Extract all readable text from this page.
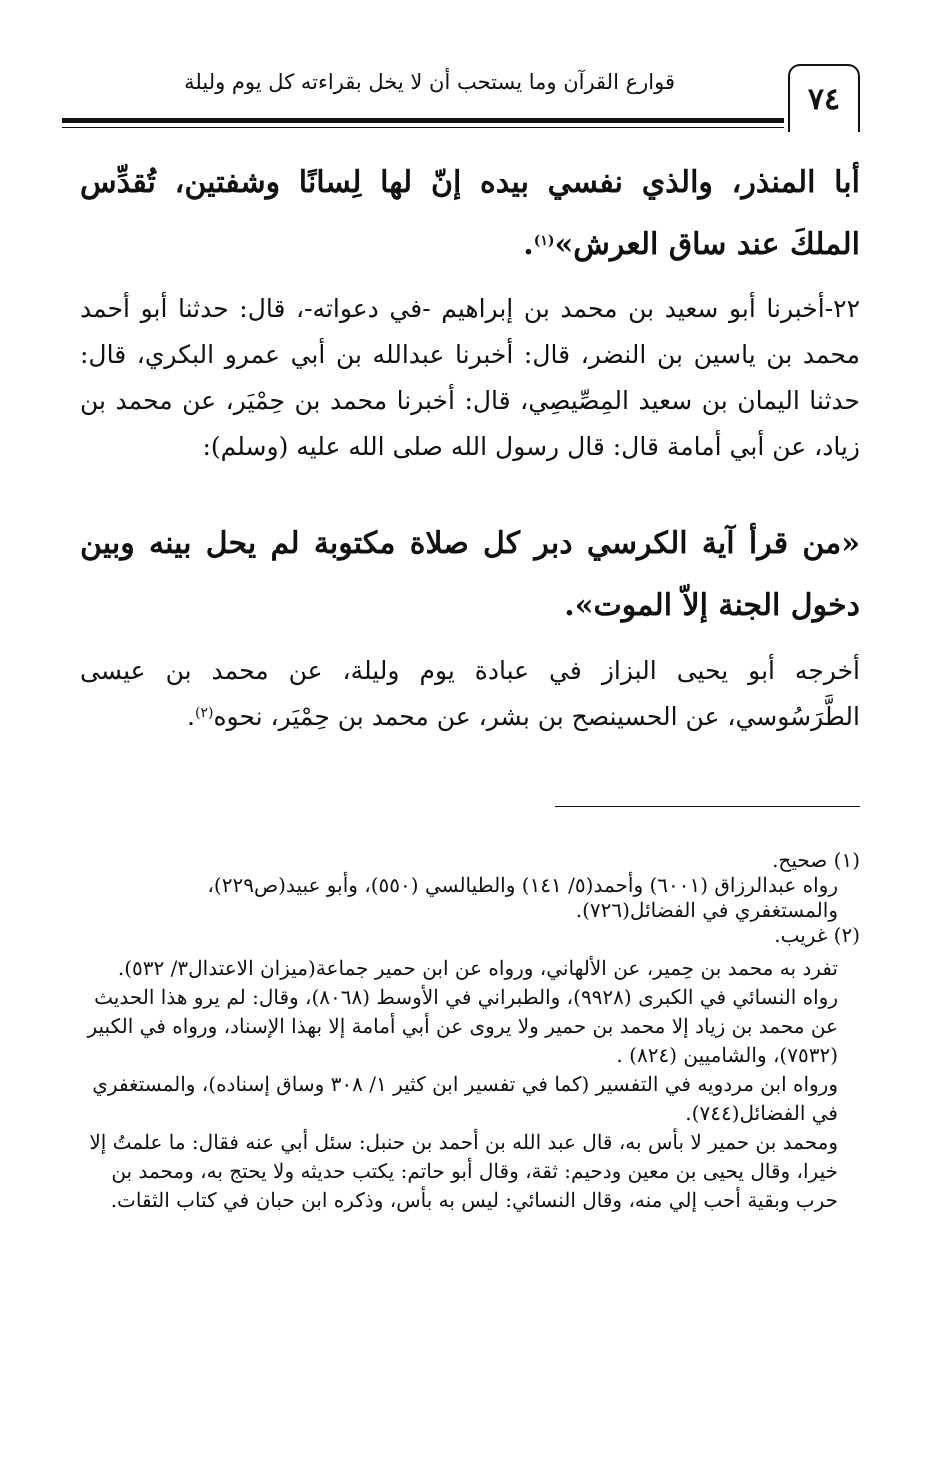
٧٤
قوارع القرآن وما يستحب أن لا يخل بقراءته كل يوم وليلة
أبا المنذر، والذي نفسي بيده إنّ لها لِسانًا وشفتين، تُقدِّس الملكَ عند ساق العرش»$^{(١)}$.
٢٢-أخبرنا أبو سعيد بن محمد بن إبراهيم -في دعواته-، قال: حدثنا أبو أحمد محمد بن ياسين بن النضر، قال: أخبرنا عبدالله بن أبي عمرو البكري، قال: حدثنا اليمان بن سعيد المِصِّيصِي، قال: أخبرنا محمد بن حِمْيَر، عن محمد بن زياد، عن أبي أمامة قال: قال رسول الله صلى الله عليه (وسلم):
«من قرأ آية الكرسي دبر كل صلاة مكتوبة لم يحل بينه وبين دخول الجنة إلاّ الموت».
أخرجه أبو يحيى البزاز في عبادة يوم وليلة، عن محمد بن عيسى الطَّرَسُوسي، عن الحسينصح بن بشر، عن محمد بن حِمْيَر، نحوه$^{(٢)}$.

(١) صحيح.

رواه عبدالرزاق (٦٠٠١) وأحمد(٥/ ١٤١) والطيالسي (٥٥٠)، وأبو عبيد(ص٢٢٩)،

والمستغفري في الفضائل(٧٢٦).

(٢) غريب.

تفرد به محمد بن حِمير، عن الألهاني، ورواه عن ابن حمير جماعة(ميزان الاعتدال٣/ ٥٣٢).

رواه النسائي في الكبرى (٩٩٢٨)، والطبراني في الأوسط (٨٠٦٨)، وقال: لم يرو هذا الحديث عن محمد بن زياد إلا محمد بن حمير ولا يروى عن أبي أمامة إلا بهذا الإسناد، ورواه في الكبير (٧٥٣٢)، والشاميين (٨٢٤) .

ورواه ابن مردويه في التفسير (كما في تفسير ابن كثير ١/ ٣٠٨ وساق إسناده)، والمستغفري في الفضائل(٧٤٤).

ومحمد بن حمير لا بأس به، قال عبد الله بن أحمد بن حنبل: سئل أبي عنه فقال: ما علمتُ إلا خيرا، وقال يحيى بن معين ودحيم: ثقة، وقال أبو حاتم: يكتب حديثه ولا يحتج به، ومحمد بن حرب وبقية أحب إلي منه، وقال النسائي: ليس به بأس، وذكره ابن حبان في كتاب الثقات.
